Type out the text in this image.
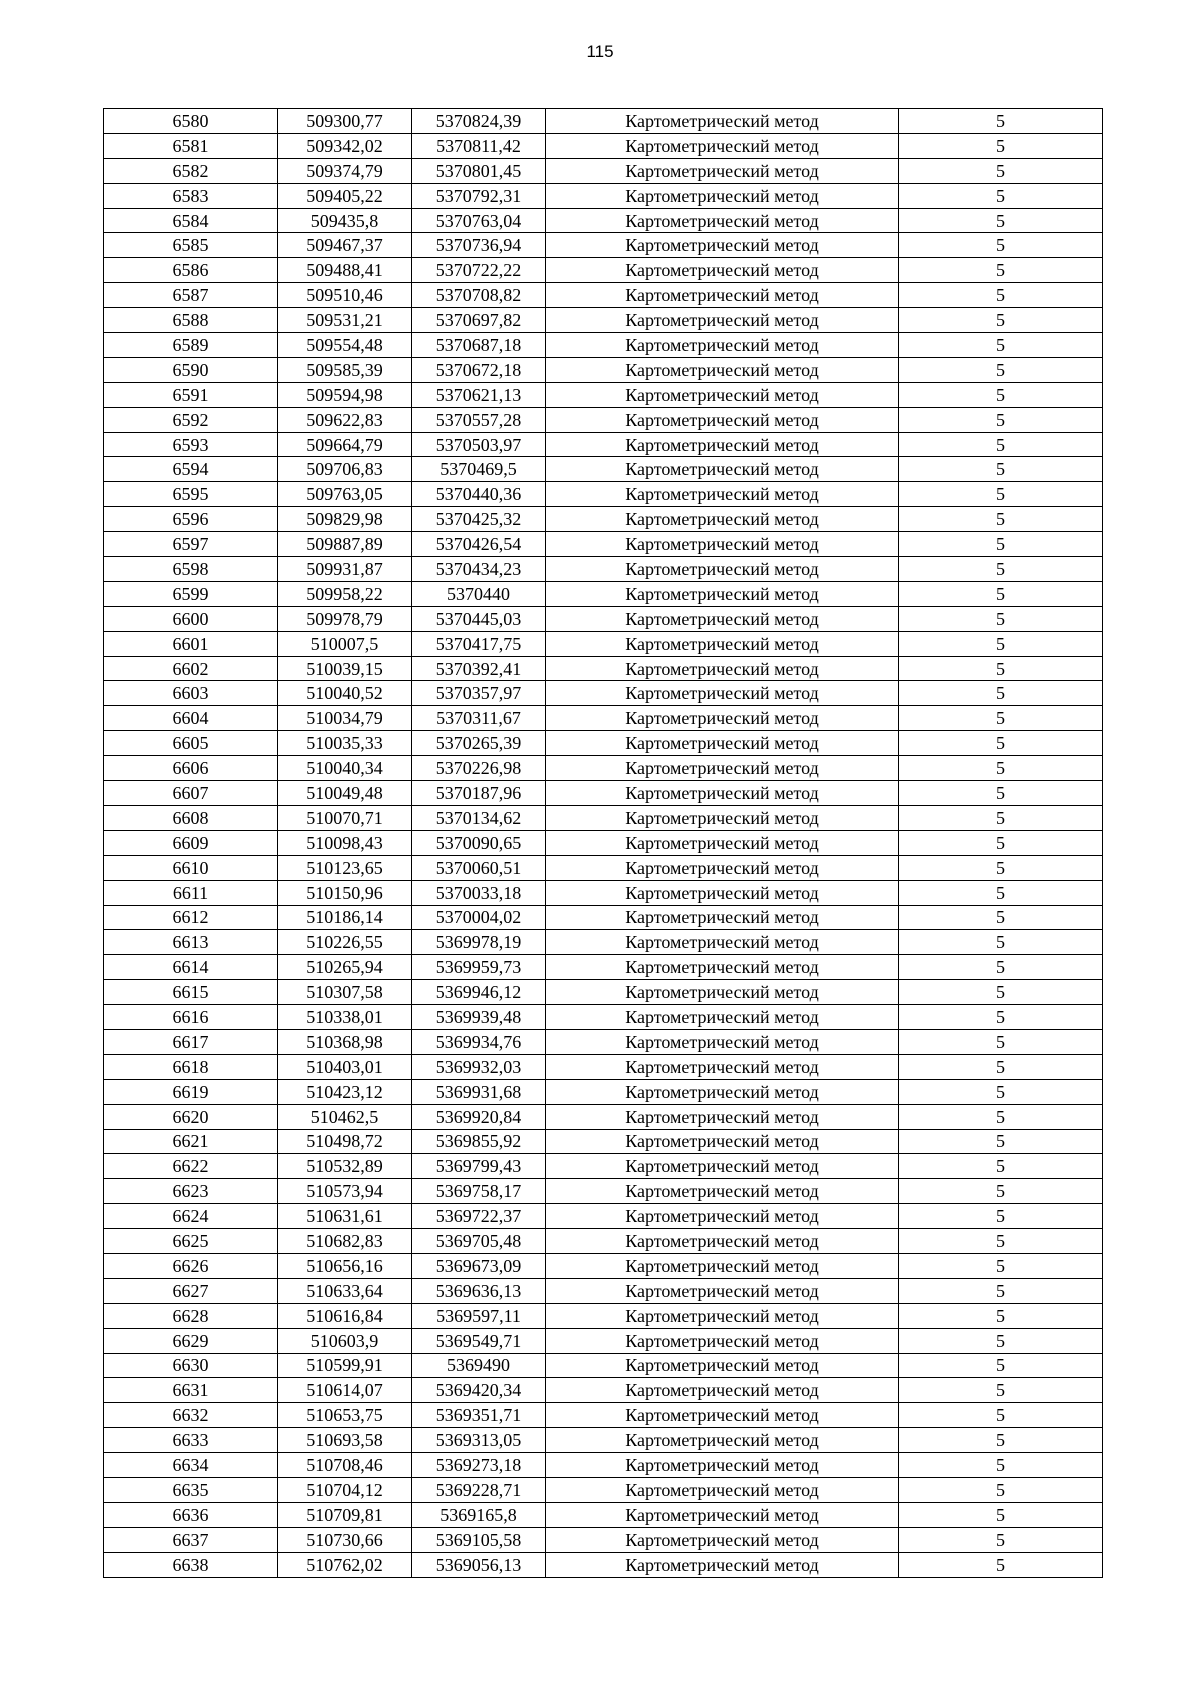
115
6580	509300,77	5370824,39	Картометрический метод	5
6581	509342,02	5370811,42	Картометрический метод	5
6582	509374,79	5370801,45	Картометрический метод	5
6583	509405,22	5370792,31	Картометрический метод	5
6584	509435,8	5370763,04	Картометрический метод	5
6585	509467,37	5370736,94	Картометрический метод	5
6586	509488,41	5370722,22	Картометрический метод	5
6587	509510,46	5370708,82	Картометрический метод	5
6588	509531,21	5370697,82	Картометрический метод	5
6589	509554,48	5370687,18	Картометрический метод	5
6590	509585,39	5370672,18	Картометрический метод	5
6591	509594,98	5370621,13	Картометрический метод	5
6592	509622,83	5370557,28	Картометрический метод	5
6593	509664,79	5370503,97	Картометрический метод	5
6594	509706,83	5370469,5	Картометрический метод	5
6595	509763,05	5370440,36	Картометрический метод	5
6596	509829,98	5370425,32	Картометрический метод	5
6597	509887,89	5370426,54	Картометрический метод	5
6598	509931,87	5370434,23	Картометрический метод	5
6599	509958,22	5370440	Картометрический метод	5
6600	509978,79	5370445,03	Картометрический метод	5
6601	510007,5	5370417,75	Картометрический метод	5
6602	510039,15	5370392,41	Картометрический метод	5
6603	510040,52	5370357,97	Картометрический метод	5
6604	510034,79	5370311,67	Картометрический метод	5
6605	510035,33	5370265,39	Картометрический метод	5
6606	510040,34	5370226,98	Картометрический метод	5
6607	510049,48	5370187,96	Картометрический метод	5
6608	510070,71	5370134,62	Картометрический метод	5
6609	510098,43	5370090,65	Картометрический метод	5
6610	510123,65	5370060,51	Картометрический метод	5
6611	510150,96	5370033,18	Картометрический метод	5
6612	510186,14	5370004,02	Картометрический метод	5
6613	510226,55	5369978,19	Картометрический метод	5
6614	510265,94	5369959,73	Картометрический метод	5
6615	510307,58	5369946,12	Картометрический метод	5
6616	510338,01	5369939,48	Картометрический метод	5
6617	510368,98	5369934,76	Картометрический метод	5
6618	510403,01	5369932,03	Картометрический метод	5
6619	510423,12	5369931,68	Картометрический метод	5
6620	510462,5	5369920,84	Картометрический метод	5
6621	510498,72	5369855,92	Картометрический метод	5
6622	510532,89	5369799,43	Картометрический метод	5
6623	510573,94	5369758,17	Картометрический метод	5
6624	510631,61	5369722,37	Картометрический метод	5
6625	510682,83	5369705,48	Картометрический метод	5
6626	510656,16	5369673,09	Картометрический метод	5
6627	510633,64	5369636,13	Картометрический метод	5
6628	510616,84	5369597,11	Картометрический метод	5
6629	510603,9	5369549,71	Картометрический метод	5
6630	510599,91	5369490	Картометрический метод	5
6631	510614,07	5369420,34	Картометрический метод	5
6632	510653,75	5369351,71	Картометрический метод	5
6633	510693,58	5369313,05	Картометрический метод	5
6634	510708,46	5369273,18	Картометрический метод	5
6635	510704,12	5369228,71	Картометрический метод	5
6636	510709,81	5369165,8	Картометрический метод	5
6637	510730,66	5369105,58	Картометрический метод	5
6638	510762,02	5369056,13	Картометрический метод	5
